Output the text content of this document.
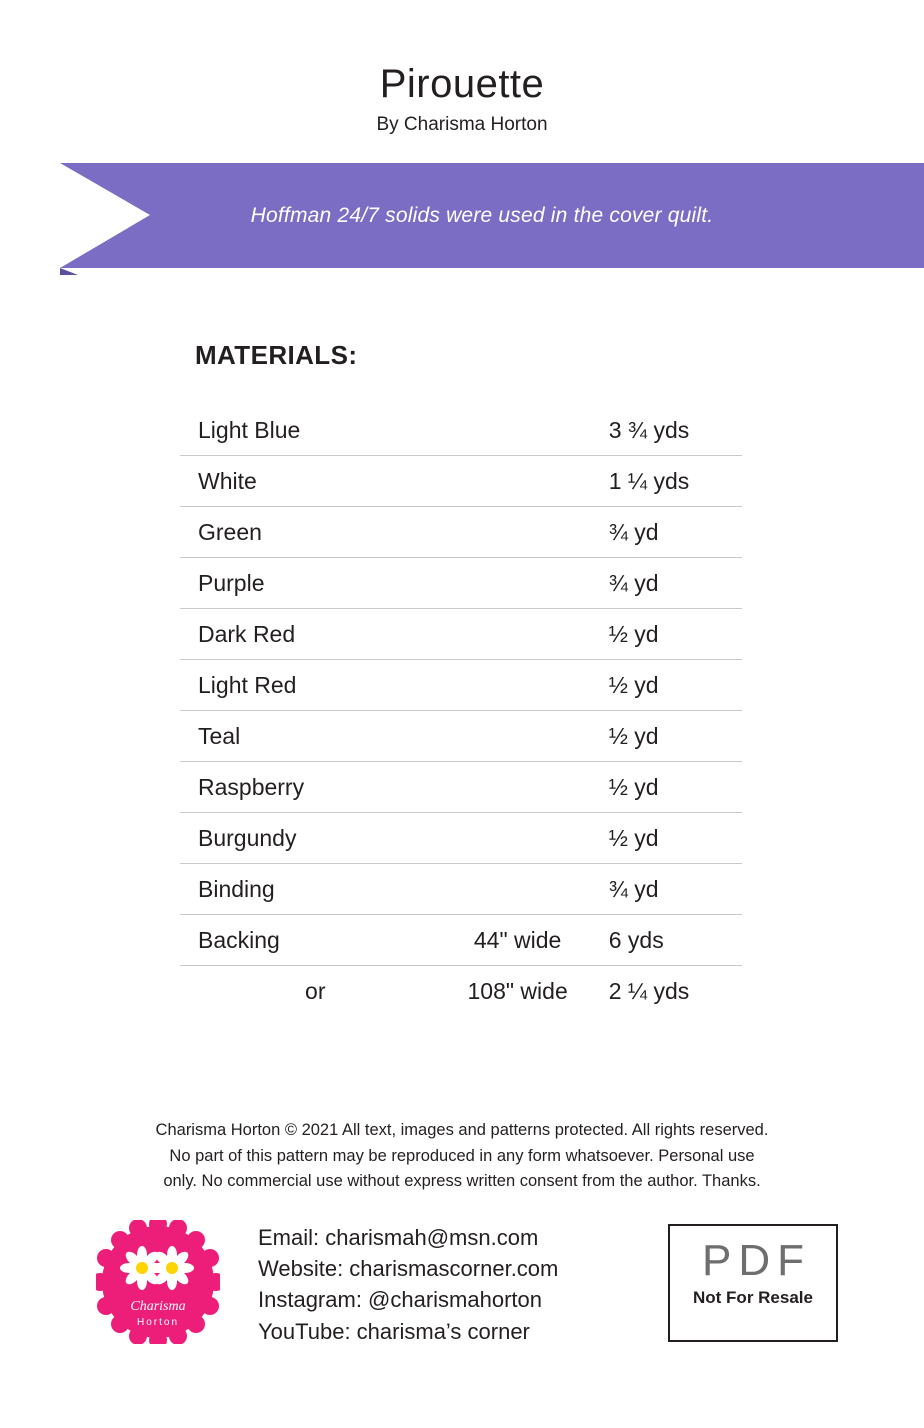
Pirouette
By Charisma Horton
Hoffman 24/7 solids were used in the cover quilt.
MATERIALS:
Light Blue		3 ¾ yds
White		1 ¼ yds
Green		¾ yd
Purple		¾ yd
Dark Red		½ yd
Light Red		½ yd
Teal		½ yd
Raspberry		½ yd
Burgundy		½ yd
Binding		¾ yd
Backing	44" wide	6 yds
or	108" wide	2 ¼ yds
Charisma Horton © 2021 All text, images and patterns protected. All rights reserved.
No part of this pattern may be reproduced in any form whatsoever. Personal use
only. No commercial use without express written consent from the author. Thanks.
Charisma
Horton
Email: charismah@msn.com
Website: charismascorner.com
Instagram: @charismahorton
YouTube: charisma’s corner
PDF
Not For Resale
